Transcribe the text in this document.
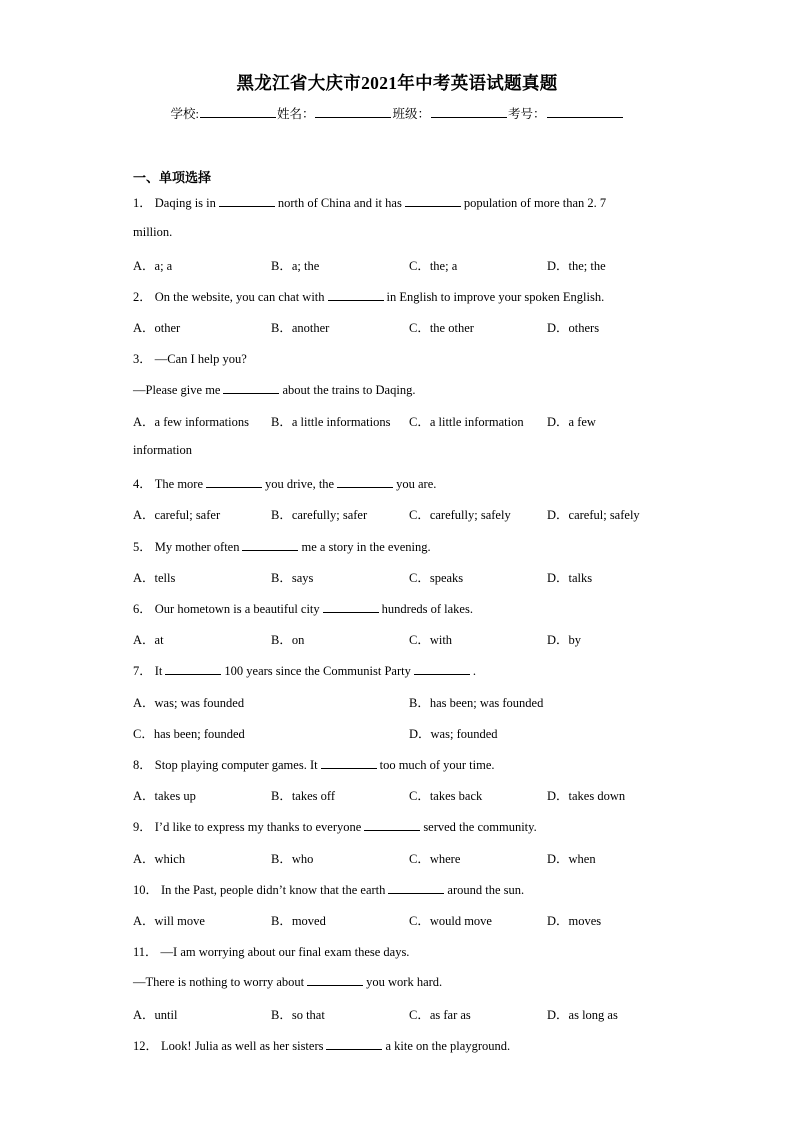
黑龙江省大庆市2021年中考英语试题真题
学校:	姓名：	班级：	考号：
一、单项选择
1． Daqing is in	north of China and it has	population of more than 2. 7
million.
A．a; a	B．a; the	C．the; a	D．the; the
2． On the website, you can chat with	in English to improve your spoken English.
A．other	B．another	C．the other	D．others
3． —Can I help you?
—Please give me	about the trains to Daqing.
A．a few informations B．a little informations C．a little information D．a few
information
4． The more	you drive, the	you are.
A．careful; safer	B．carefully; safer	C．carefully; safely	D．careful; safely
5． My mother often	me a story in the evening.
A．tells	B．says	C．speaks	D．talks
6． Our hometown is a beautiful city	hundreds of lakes.
A．at	B．on	C．with	D．by
7． It	100 years since the Communist Party	.
A．was; was founded	B．has been; was founded
C．has been; founded	D．was; founded
8． Stop playing computer games. It	too much of your time.
A．takes up	B．takes off	C．takes back	D．takes down
9． I’d like to express my thanks to everyone	served the community.
A．which	B．who	C．where	D．when
10． In the Past, people didn’t know that the earth	around the sun.
A．will move	B．moved	C．would move	D．moves
11． —I am worrying about our final exam these days.
—There is nothing to worry about	you work hard.
A．until	B．so that	C．as far as	D．as long as
12． Look! Julia as well as her sisters	a kite on the playground.
